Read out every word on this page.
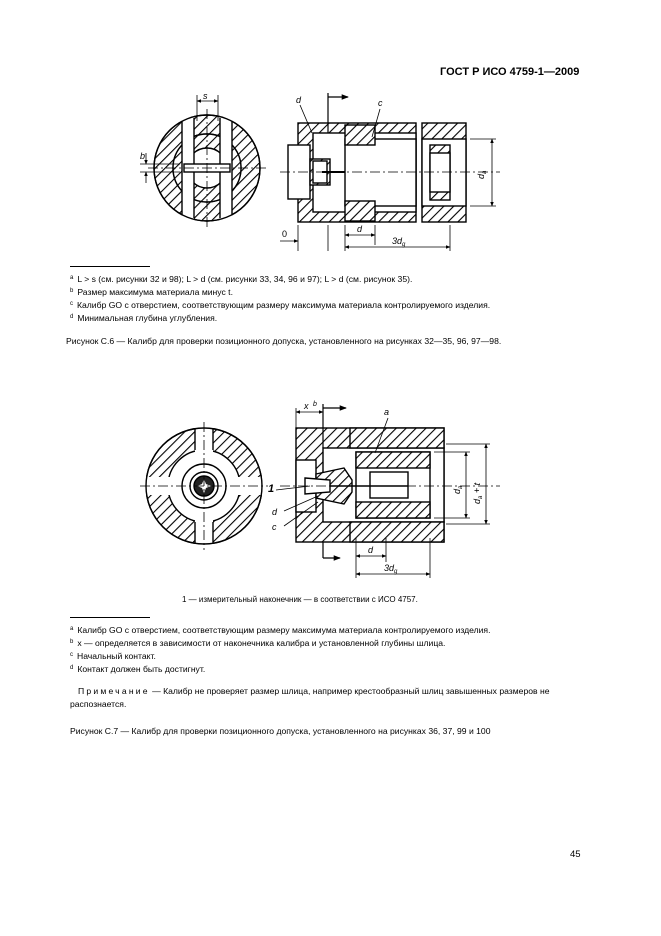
ГОСТ Р ИСО 4759-1—2009
s
b
d	c
0	d
$3d_g$
$d_a$
$^a$ L > s (см. рисунки 32 и 98); L > d (см. рисунки 33, 34, 96 и 97); L > d (см. рисунок 35).
$^b$ Размер максимума материала минус t.
$^c$ Калибр GO с отверстием, соответствующим размеру максимума материала контролируемого изделия.
$^d$ Минимальная глубина углубления.
Рисунок С.6 — Калибр для проверки позиционного допуска, установленного на рисунках 32—35, 96, 97—98.
x b
a
1
d
c
d
$3d_g$
$d_a$
$d_a + t$
1 — измерительный наконечник — в соответствии с ИСО 4757.
$^a$ Калибр GO с отверстием, соответствующим размеру максимума материала контролируемого изделия.
$^b$ x — определяется в зависимости от наконечника калибра и установленной глубины шлица.
$^c$ Начальный контакт.
$^d$ Контакт должен быть достигнут.
Примечание — Калибр не проверяет размер шлица, например крестообразный шлиц завышенных размеров не распознается.
Рисунок С.7 — Калибр для проверки позиционного допуска, установленного на рисунках 36, 37, 99 и 100
45
